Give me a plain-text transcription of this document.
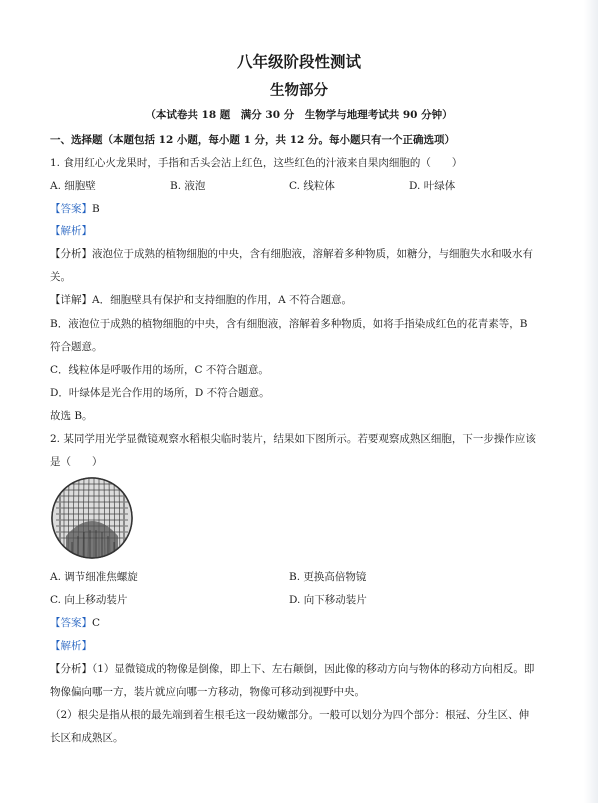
八年级阶段性测试
生物部分
（本试卷共 18 题　满分 30 分　生物学与地理考试共 90 分钟）
一、选择题（本题包括 12 小题，每小题 1 分，共 12 分。每小题只有一个正确选项）
1. 食用红心火龙果时，手指和舌头会沾上红色，这些红色的汁液来自果肉细胞的（　　）
A. 细胞壁	B. 液泡	C. 线粒体	D. 叶绿体
【答案】B
【解析】
【分析】液泡位于成熟的植物细胞的中央，含有细胞液，溶解着多种物质，如糖分，与细胞失水和吸水有
关。
【详解】A．细胞壁具有保护和支持细胞的作用，A 不符合题意。
B．液泡位于成熟的植物细胞的中央，含有细胞液，溶解着多种物质，如将手指染成红色的花青素等，B
符合题意。
C．线粒体是呼吸作用的场所，C 不符合题意。
D．叶绿体是光合作用的场所，D 不符合题意。
故选 B。
2. 某同学用光学显微镜观察水稻根尖临时装片，结果如下图所示。若要观察成熟区细胞，下一步操作应该
是（　　）
A. 调节细准焦螺旋	B. 更换高倍物镜
C. 向上移动装片	D. 向下移动装片
【答案】C
【解析】
【分析】（1）显微镜成的物像是倒像，即上下、左右颠倒，因此像的移动方向与物体的移动方向相反。即
物像偏向哪一方，装片就应向哪一方移动，物像可移动到视野中央。
（2）根尖是指从根的最先端到着生根毛这一段幼嫩部分。一般可以划分为四个部分：根冠、分生区、伸
长区和成熟区。
